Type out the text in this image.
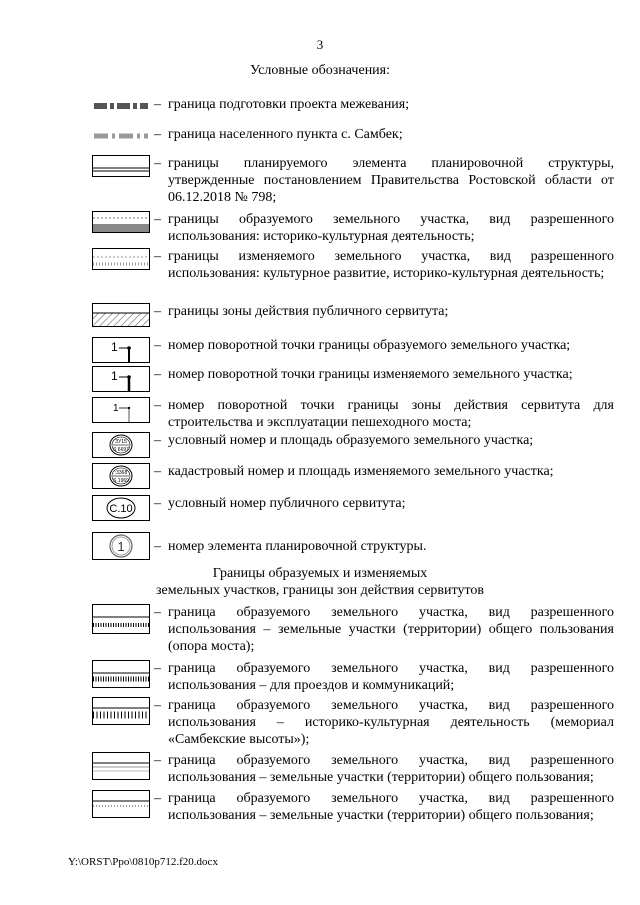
3
Условные обозначения:
– граница подготовки проекта межевания;
– граница населенного пункта с. Самбек;
– границы планируемого элемента планировочной структуры, утвержденные постановлением Правительства Ростовской области от 06.12.2018 № 798;
– границы образуемого земельного участка, вид разрешенного использования: историко-культурная деятельность;
– границы изменяемого земельного участка, вид разрешенного использования: культурное развитие, историко-культурная деятельность;
– границы зоны действия публичного сервитута;
1	– номер поворотной точки границы образуемого земельного участка;
1	– номер поворотной точки границы изменяемого земельного участка;
1	– номер поворотной точки границы зоны действия сервитута для строительства и эксплуатации пешеходного моста;
ЗУ15
S 6697
– условный номер и площадь образуемого земельного участка;
:3368
S 1969
– кадастровый номер и площадь изменяемого земельного участка;
С.10 – условный номер публичного сервитута;
1 – номер элемента планировочной структуры.
Границы образуемых и изменяемых
земельных участков, границы зон действия сервитутов
– граница образуемого земельного участка, вид разрешенного использования – земельные участки (территории) общего пользования (опора моста);
– граница образуемого земельного участка, вид разрешенного использования – для проездов и коммуникаций;
– граница образуемого земельного участка, вид разрешенного использования – историко-культурная деятельность (мемориал «Самбекские высоты»);
– граница образуемого земельного участка, вид разрешенного использования – земельные участки (территории) общего пользования;
– граница образуемого земельного участка, вид разрешенного использования – земельные участки (территории) общего пользования;
Y:\ORST\Ppo\0810p712.f20.docx
